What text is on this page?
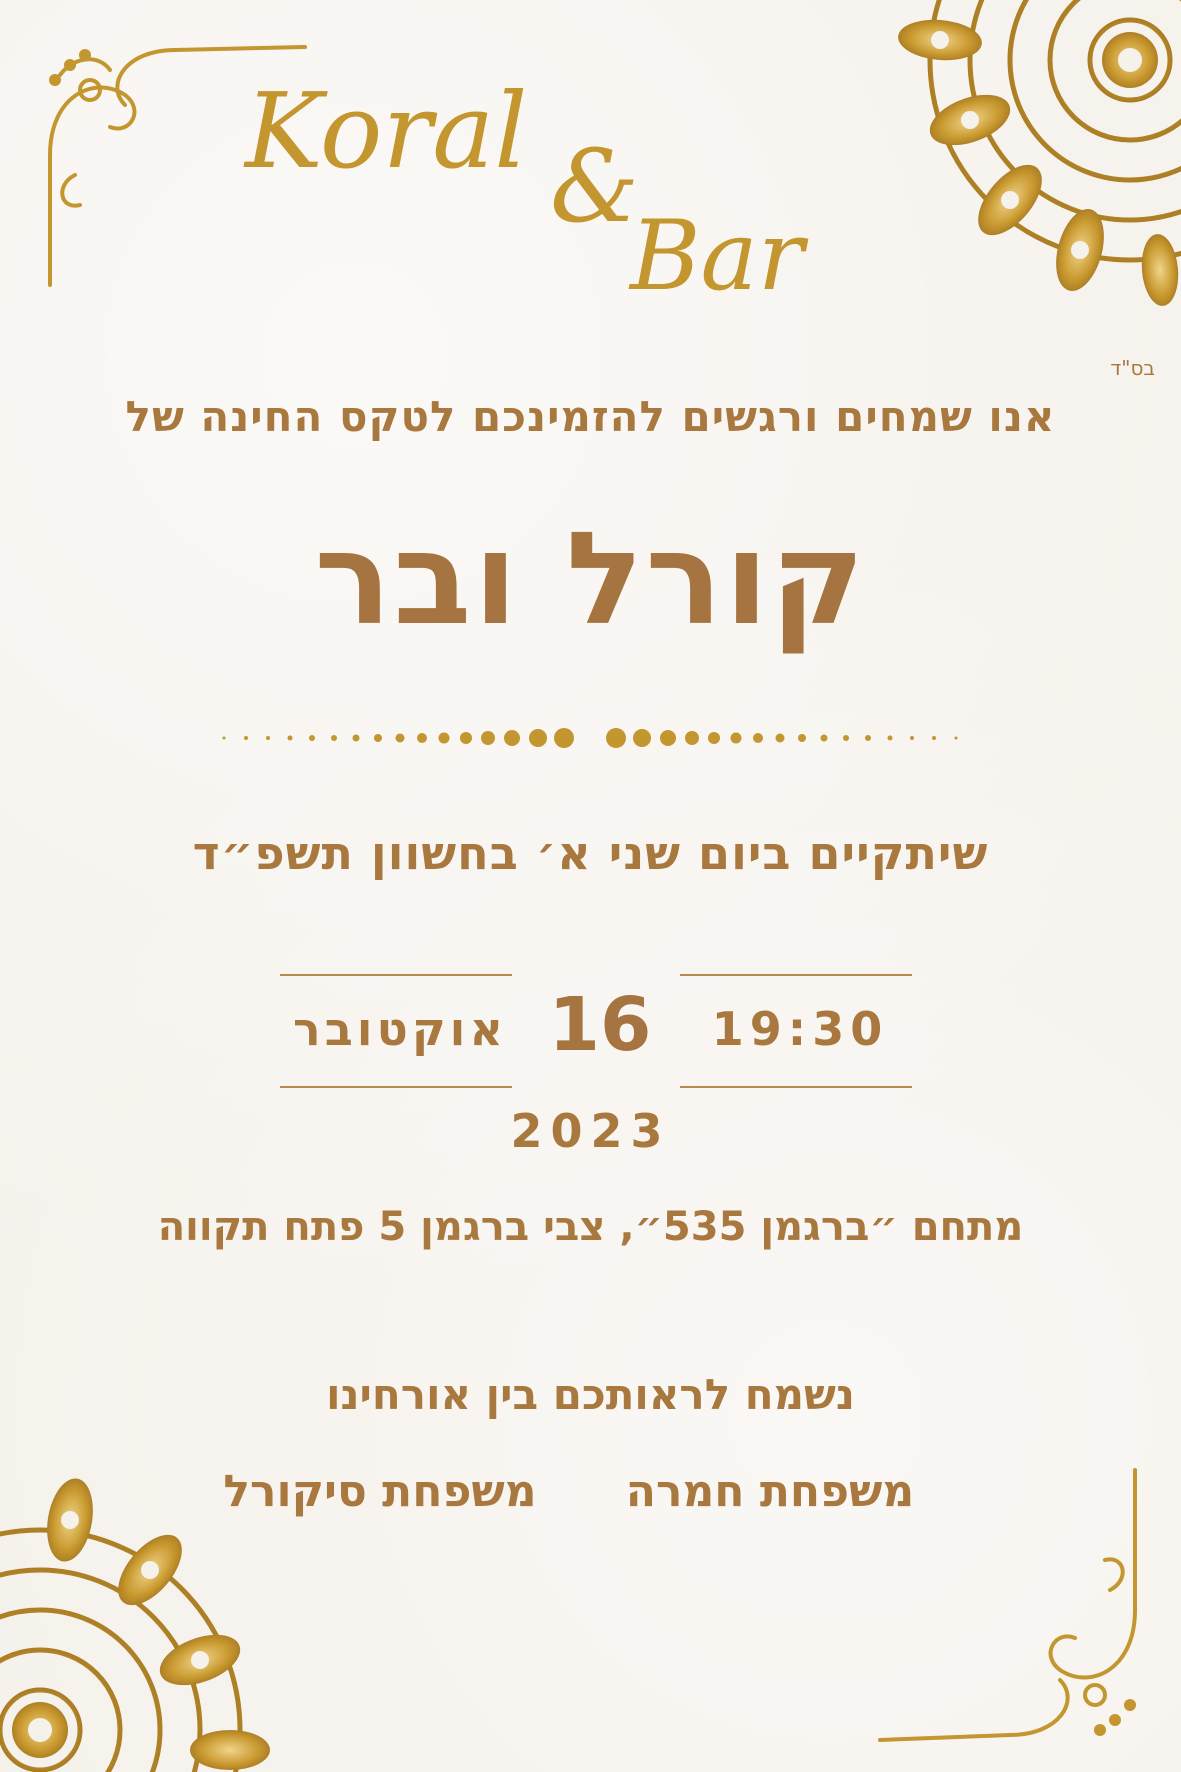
Koral &
Bar
בס"ד
אנו שמחים ורגשים להזמינכם לטקס החינה של
קורל ובר
שיתקיים ביום שני א׳ בחשוון תשפ״ד
אוקטובר 16 19:30
2023
מתחם ״ברגמן 535״, צבי ברגמן 5 פתח תקווה
נשמח לראותכם בין אורחינו
משפחת חמרה
משפחת סיקורל
